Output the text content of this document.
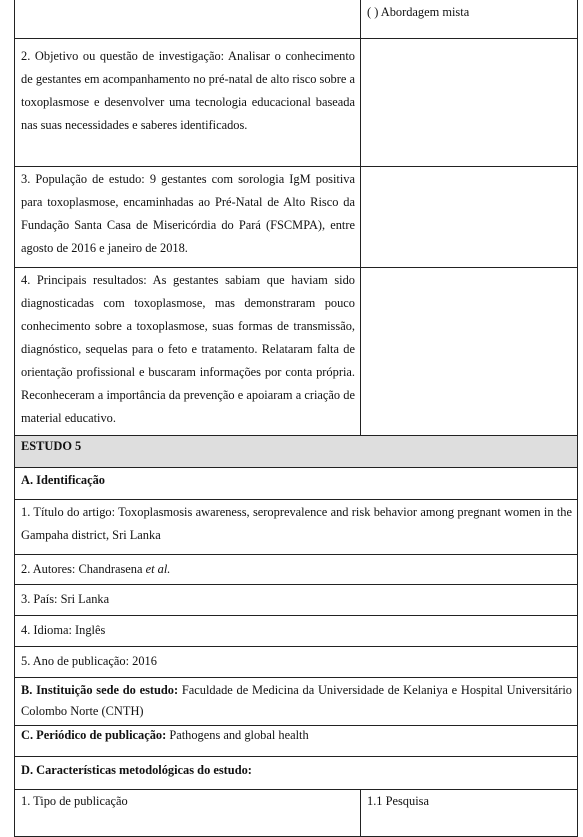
	( ) Abordagem mista
2. Objetivo ou questão de investigação: Analisar o conhecimento de gestantes em acompanhamento no pré-natal de alto risco sobre a toxoplasmose e desenvolver uma tecnologia educacional baseada nas suas necessidades e saberes identificados.	
3. População de estudo: 9 gestantes com sorologia IgM positiva para toxoplasmose, encaminhadas ao Pré-Natal de Alto Risco da Fundação Santa Casa de Misericórdia do Pará (FSCMPA), entre agosto de 2016 e janeiro de 2018.	
4. Principais resultados: As gestantes sabiam que haviam sido diagnosticadas com toxoplasmose, mas demonstraram pouco conhecimento sobre a toxoplasmose, suas formas de transmissão, diagnóstico, sequelas para o feto e tratamento. Relataram falta de orientação profissional e buscaram informações por conta própria. Reconheceram a importância da prevenção e apoiaram a criação de material educativo.	
ESTUDO 5	
A. Identificação	
1. Título do artigo: Toxoplasmosis awareness, seroprevalence and risk behavior among pregnant women in the Gampaha district, Sri Lanka	
2. Autores: Chandrasena et al.	
3. País: Sri Lanka	
4. Idioma: Inglês	
5. Ano de publicação: 2016	
B. Instituição sede do estudo: Faculdade de Medicina da Universidade de Kelaniya e Hospital Universitário Colombo Norte (CNTH)	
C. Periódico de publicação: Pathogens and global health	
D. Características metodológicas do estudo:	
1. Tipo de publicação	1.1 Pesquisa
